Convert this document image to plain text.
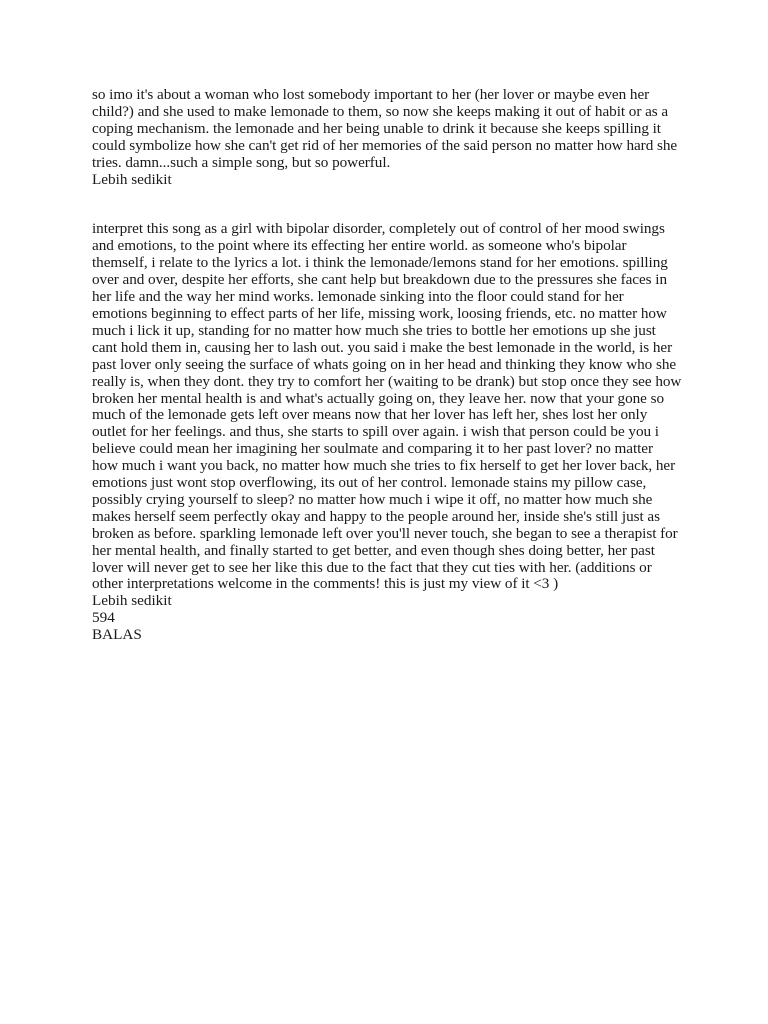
so imo it's about a woman who lost somebody important to her (her lover or maybe even her child?) and she used to make lemonade to them, so now she keeps making it out of habit or as a coping mechanism. the lemonade and her being unable to drink it because she keeps spilling it could symbolize how she can't get rid of her memories of the said person no matter how hard she tries. damn...such a simple song, but so powerful.

Lebih sedikit

interpret this song as a girl with bipolar disorder, completely out of control of her mood swings and emotions, to the point where its effecting her entire world. as someone who's bipolar themself, i relate to the lyrics a lot. i think the lemonade/lemons stand for her emotions. spilling over and over, despite her efforts, she cant help but breakdown due to the pressures she faces in her life and the way her mind works. lemonade sinking into the floor could stand for her emotions beginning to effect parts of her life, missing work, loosing friends, etc. no matter how much i lick it up, standing for no matter how much she tries to bottle her emotions up she just cant hold them in, causing her to lash out. you said i make the best lemonade in the world, is her past lover only seeing the surface of whats going on in her head and thinking they know who she really is, when they dont. they try to comfort her (waiting to be drank) but stop once they see how broken her mental health is and what's actually going on, they leave her. now that your gone so much of the lemonade gets left over means now that her lover has left her, shes lost her only outlet for her feelings. and thus, she starts to spill over again. i wish that person could be you i believe could mean her imagining her soulmate and comparing it to her past lover? no matter how much i want you back, no matter how much she tries to fix herself to get her lover back, her emotions just wont stop overflowing, its out of her control. lemonade stains my pillow case, possibly crying yourself to sleep? no matter how much i wipe it off, no matter how much she makes herself seem perfectly okay and happy to the people around her, inside she's still just as broken as before. sparkling lemonade left over you'll never touch, she began to see a therapist for her mental health, and finally started to get better, and even though shes doing better, her past lover will never get to see her like this due to the fact that they cut ties with her. (additions or other interpretations welcome in the comments! this is just my view of it <3 )

Lebih sedikit
594
BALAS
